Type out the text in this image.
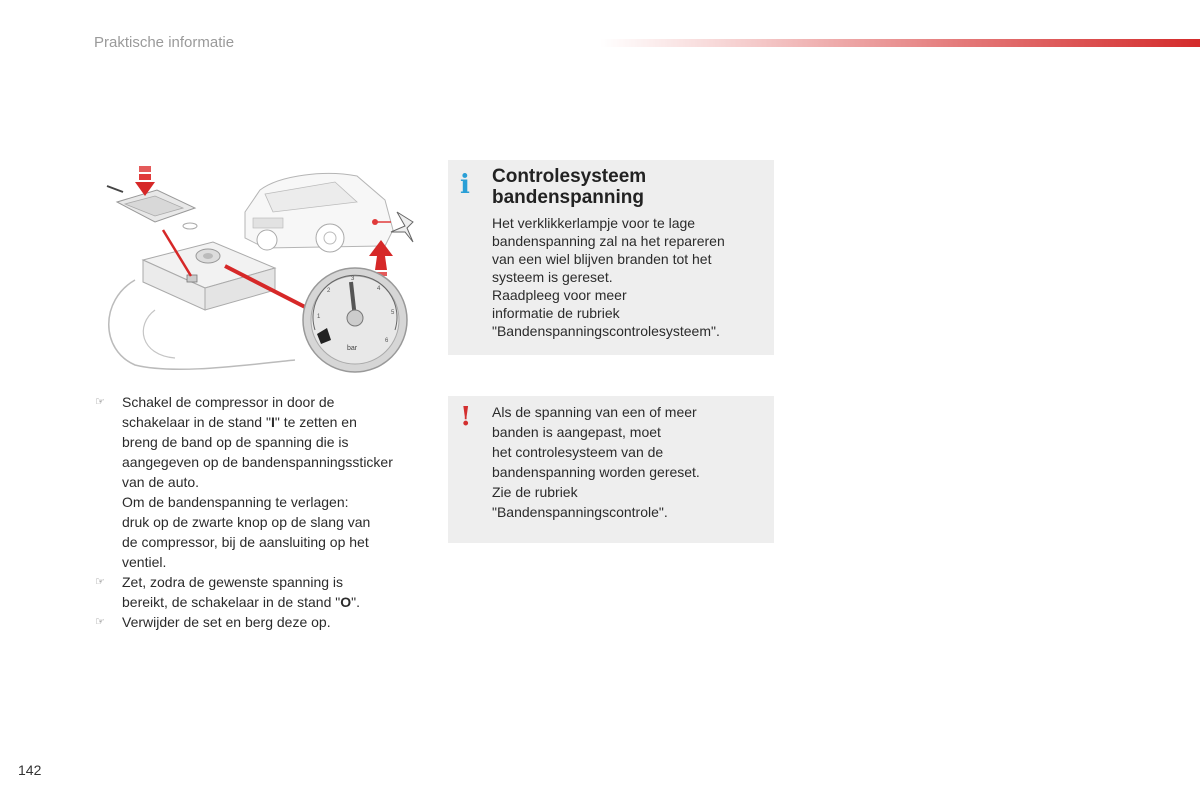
Praktische informatie
1
2
3
4
5
6
bar
☞ Schakel de compressor in door de
schakelaar in de stand "I" te zetten en
breng de band op de spanning die is
aangegeven op de bandenspanningssticker
van de auto.
Om de bandenspanning te verlagen:
druk op de zwarte knop op de slang van
de compressor, bij de aansluiting op het
ventiel.
☞ Zet, zodra de gewenste spanning is
bereikt, de schakelaar in de stand "O".
☞ Verwijder de set en berg deze op.
i Controlesysteem
bandenspanning
Het verklikkerlampje voor te lage
bandenspanning zal na het repareren
van een wiel blijven branden tot het
systeem is gereset.
Raadpleeg voor meer
informatie de rubriek
"Bandenspanningscontrolesysteem".
! Als de spanning van een of meer
banden is aangepast, moet
het controlesysteem van de
bandenspanning worden gereset.
Zie de rubriek
"Bandenspanningscontrole".
142
